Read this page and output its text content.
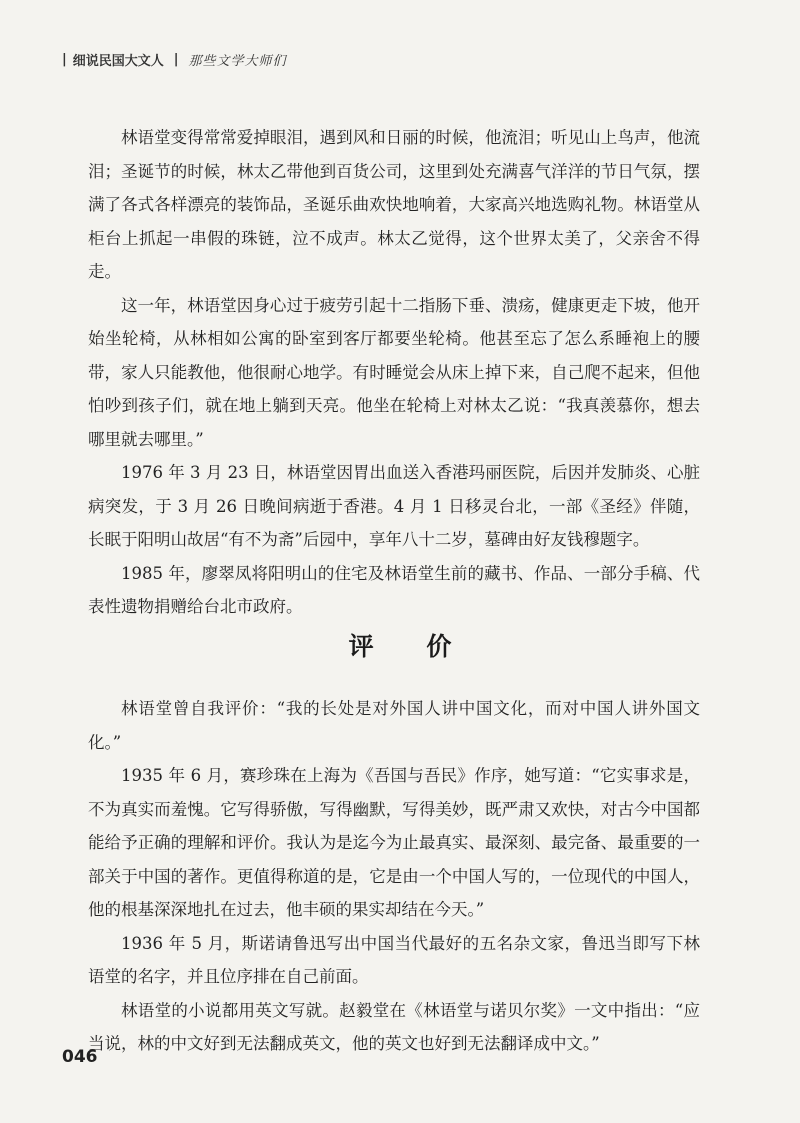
| 细说民国大文人 | 那些文学大师们

林语堂变得常常爱掉眼泪，遇到风和日丽的时候，他流泪；听见山上鸟声，他流泪；圣诞节的时候，林太乙带他到百货公司，这里到处充满喜气洋洋的节日气氛，摆满了各式各样漂亮的装饰品，圣诞乐曲欢快地响着，大家高兴地选购礼物。林语堂从柜台上抓起一串假的珠链，泣不成声。林太乙觉得，这个世界太美了，父亲舍不得走。

这一年，林语堂因身心过于疲劳引起十二指肠下垂、溃疡，健康更走下坡，他开始坐轮椅，从林相如公寓的卧室到客厅都要坐轮椅。他甚至忘了怎么系睡袍上的腰带，家人只能教他，他很耐心地学。有时睡觉会从床上掉下来，自己爬不起来，但他怕吵到孩子们，就在地上躺到天亮。他坐在轮椅上对林太乙说：“我真羡慕你，想去哪里就去哪里。”

1976 年 3 月 23 日，林语堂因胃出血送入香港玛丽医院，后因并发肺炎、心脏病突发，于 3 月 26 日晚间病逝于香港。4 月 1 日移灵台北，一部《圣经》伴随，长眠于阳明山故居“有不为斋”后园中，享年八十二岁，墓碑由好友钱穆题字。

1985 年，廖翠凤将阳明山的住宅及林语堂生前的藏书、作品、一部分手稿、代表性遗物捐赠给台北市政府。

评 价

林语堂曾自我评价：“我的长处是对外国人讲中国文化，而对中国人讲外国文化。”

1935 年 6 月，赛珍珠在上海为《吾国与吾民》作序，她写道：“它实事求是，不为真实而羞愧。它写得骄傲，写得幽默，写得美妙，既严肃又欢快，对古今中国都能给予正确的理解和评价。我认为是迄今为止最真实、最深刻、最完备、最重要的一部关于中国的著作。更值得称道的是，它是由一个中国人写的，一位现代的中国人，他的根基深深地扎在过去，他丰硕的果实却结在今天。”

1936 年 5 月，斯诺请鲁迅写出中国当代最好的五名杂文家，鲁迅当即写下林语堂的名字，并且位序排在自己前面。

林语堂的小说都用英文写就。赵毅堂在《林语堂与诺贝尔奖》一文中指出：“应当说，林的中文好到无法翻成英文，他的英文也好到无法翻译成中文。”

046
